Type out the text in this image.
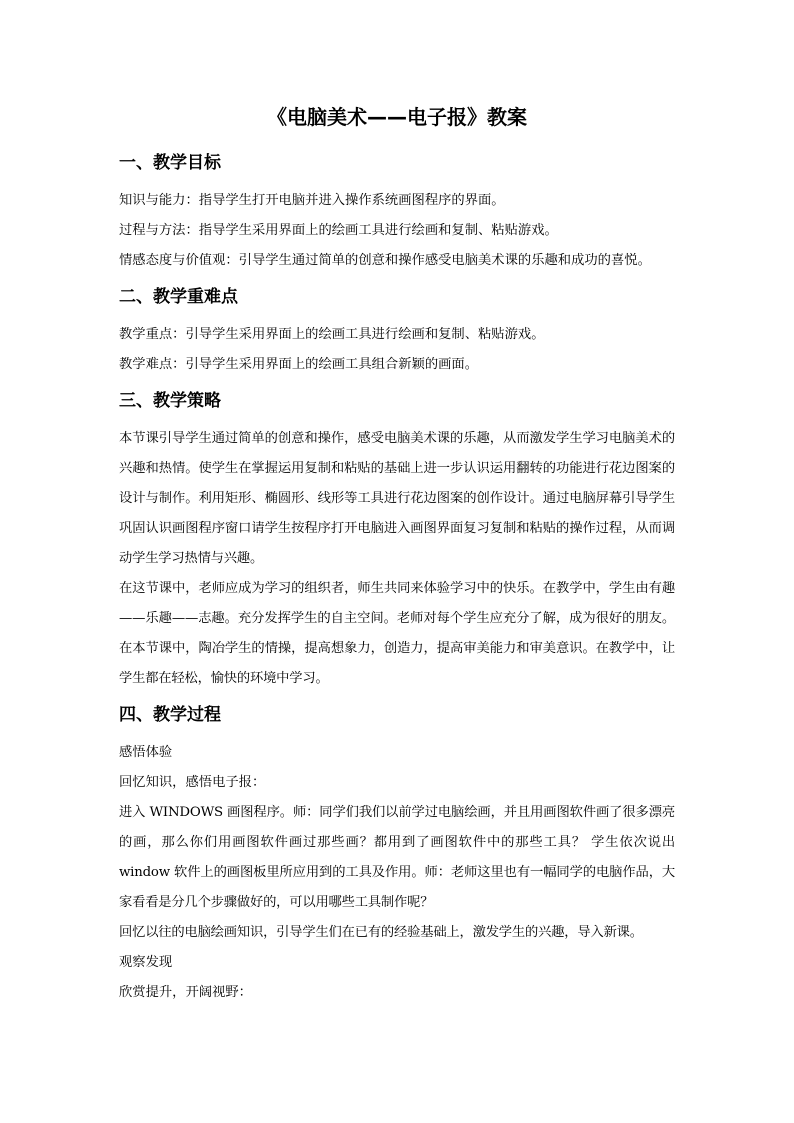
《电脑美术——电子报》教案
一、教学目标

知识与能力：指导学生打开电脑并进入操作系统画图程序的界面。

过程与方法：指导学生采用界面上的绘画工具进行绘画和复制、粘贴游戏。

情感态度与价值观：引导学生通过简单的创意和操作感受电脑美术课的乐趣和成功的喜悦。

二、教学重难点

教学重点：引导学生采用界面上的绘画工具进行绘画和复制、粘贴游戏。

教学难点：引导学生采用界面上的绘画工具组合新颖的画面。

三、教学策略

本节课引导学生通过简单的创意和操作，感受电脑美术课的乐趣，从而激发学生学习电脑美术的兴趣和热情。使学生在掌握运用复制和粘贴的基础上进一步认识运用翻转的功能进行花边图案的设计与制作。利用矩形、椭圆形、线形等工具进行花边图案的创作设计。通过电脑屏幕引导学生巩固认识画图程序窗口请学生按程序打开电脑进入画图界面复习复制和粘贴的操作过程，从而调动学生学习热情与兴趣。

在这节课中，老师应成为学习的组织者，师生共同来体验学习中的快乐。在教学中，学生由有趣——乐趣——志趣。充分发挥学生的自主空间。老师对每个学生应充分了解，成为很好的朋友。在本节课中，陶冶学生的情操，提高想象力，创造力，提高审美能力和审美意识。在教学中，让学生都在轻松，愉快的环境中学习。

四、教学过程

感悟体验

回忆知识，感悟电子报：

进入 WINDOWS 画图程序。师：同学们我们以前学过电脑绘画，并且用画图软件画了很多漂亮的画，那么你们用画图软件画过那些画？都用到了画图软件中的那些工具？ 学生依次说出 window 软件上的画图板里所应用到的工具及作用。师：老师这里也有一幅同学的电脑作品，大家看看是分几个步骤做好的，可以用哪些工具制作呢？

回忆以往的电脑绘画知识，引导学生们在已有的经验基础上，激发学生的兴趣，导入新课。

观察发现

欣赏提升，开阔视野：
